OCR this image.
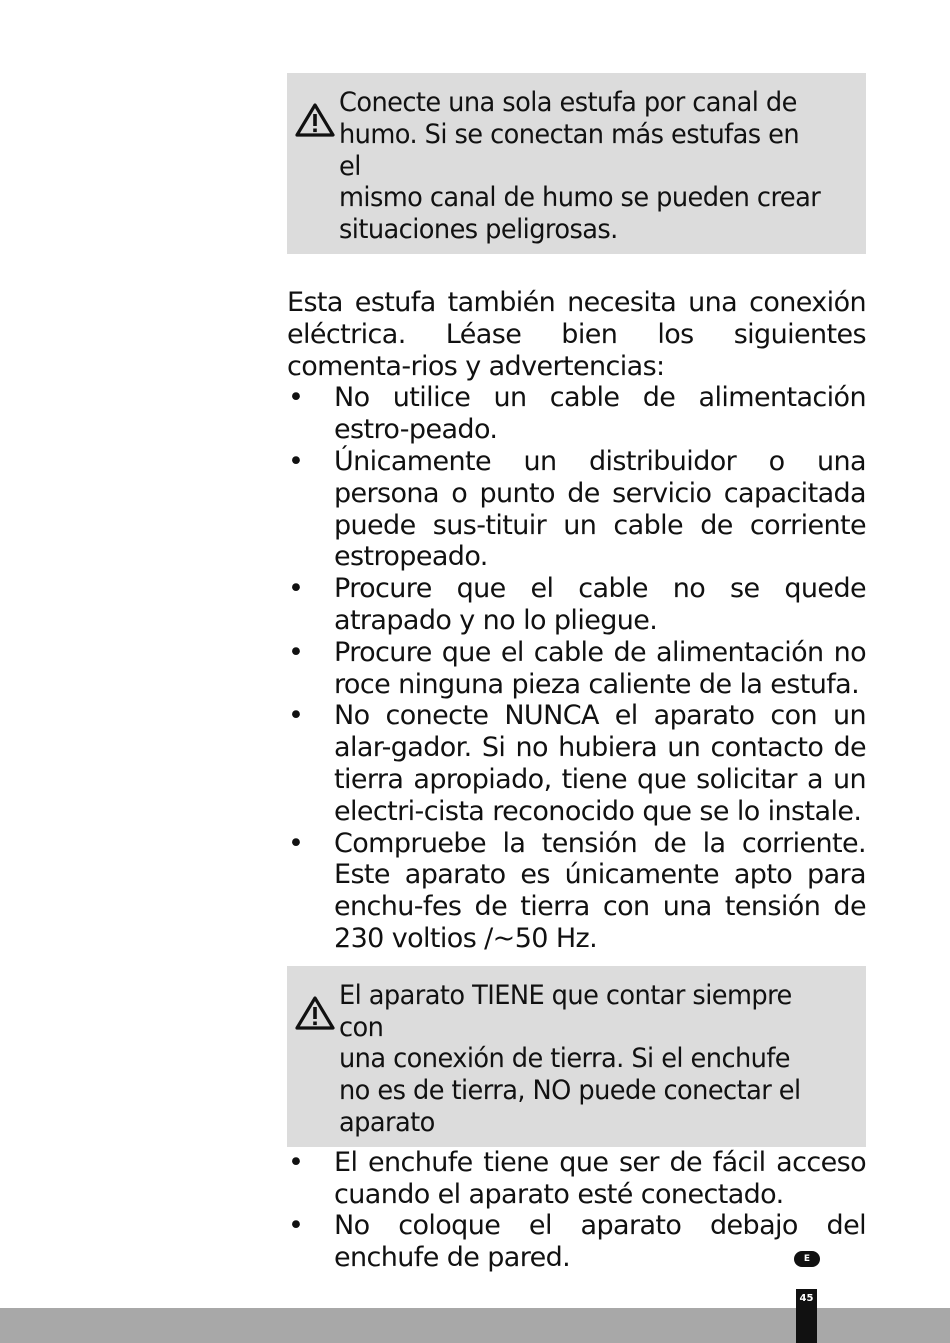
Conecte una sola estufa por canal de
humo. Si se conectan más estufas en el
mismo canal de humo se pueden crear
situaciones peligrosas.

Esta estufa también necesita una conexión eléctrica. Léase bien los siguientes comenta-rios y advertencias:

• No utilice un cable de alimentación estro-peado.
• Únicamente un distribuidor o una persona o punto de servicio capacitada puede sus-tituir un cable de corriente estropeado.
• Procure que el cable no se quede atrapado y no lo pliegue.
• Procure que el cable de alimentación no roce ninguna pieza caliente de la estufa.
• No conecte NUNCA el aparato con un alar-gador. Si no hubiera un contacto de tierra apropiado, tiene que solicitar a un electri-cista reconocido que se lo instale.
• Compruebe la tensión de la corriente. Este aparato es únicamente apto para enchu-fes de tierra con una tensión de 230 voltios /~50 Hz.

El aparato TIENE que contar siempre con
una conexión de tierra. Si el enchufe
no es de tierra, NO puede conectar el
aparato

• El enchufe tiene que ser de fácil acceso cuando el aparato esté conectado.
• No coloque el aparato debajo del enchufe de pared.	E
45
